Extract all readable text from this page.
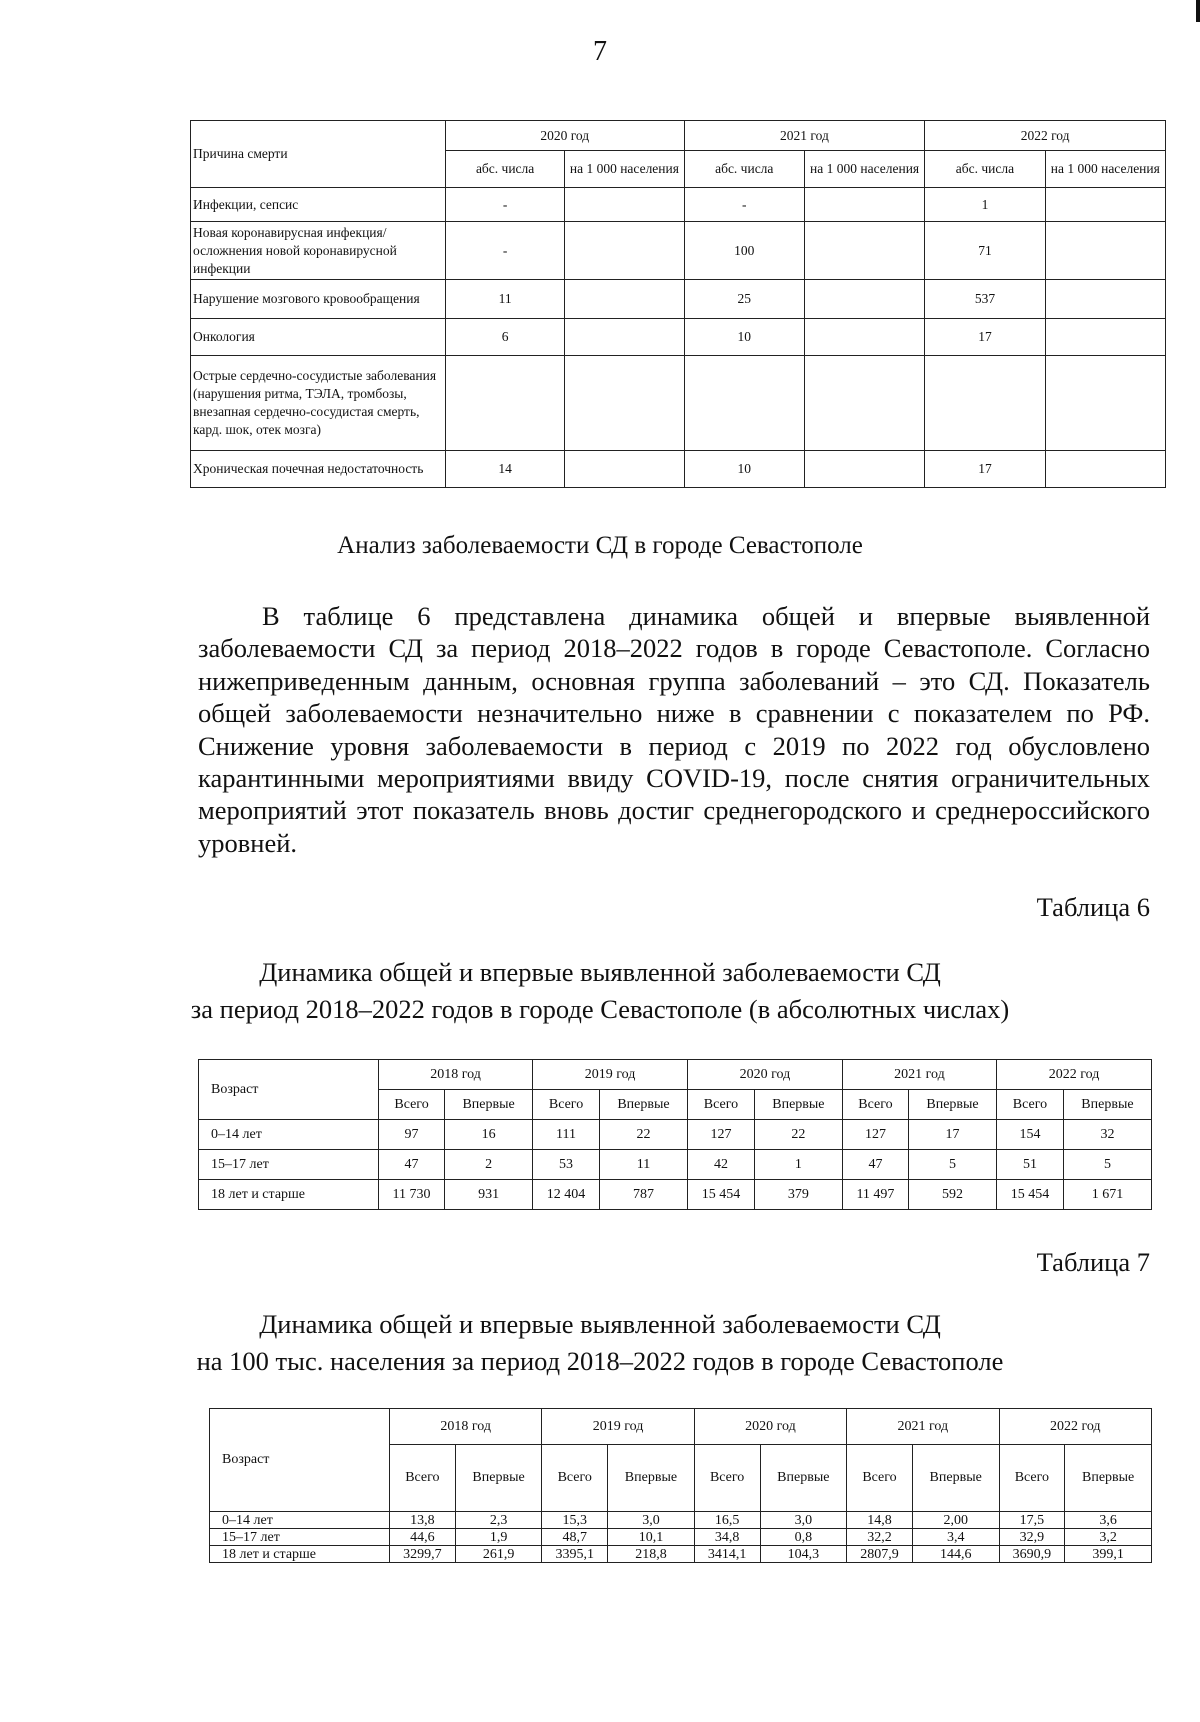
7
Причина смерти	2020 год		2021 год		2022 год	
	абс. числа	на 1 000 населения	абс. числа	на 1 000 населения	абс. числа	на 1 000 населения
Инфекции, сепсис	-		-		1	
Новая коронавирусная инфекция/осложнения новой коронавирусной инфекции	-		100		71	
Нарушение мозгового кровообращения	11		25		537	
Онкология	6		10		17	
Острые сердечно-сосудистые заболевания (нарушения ритма, ТЭЛА, тромбозы, внезапная сердечно-сосудистая смерть, кард. шок, отек мозга)						
Хроническая почечная недостаточность	14		10		17	
Анализ заболеваемости СД в городе Севастополе

В таблице 6 представлена динамика общей и впервые выявленной заболеваемости СД за период 2018–2022 годов в городе Севастополе. Согласно нижеприведенным данным, основная группа заболеваний – это СД. Показатель общей заболеваемости незначительно ниже в сравнении с показателем по РФ. Снижение уровня заболеваемости в период с 2019 по 2022 год обусловлено карантинными мероприятиями ввиду COVID-19, после снятия ограничительных мероприятий этот показатель вновь достиг среднегородского и среднероссийского уровней.

Таблица 6
Динамика общей и впервые выявленной заболеваемости СД
за период 2018–2022 годов в городе Севастополе (в абсолютных числах)
Возраст	2018 год		2019 год		2020 год		2021 год		2022 год	
	Всего	Впервые	Всего	Впервые	Всего	Впервые	Всего	Впервые	Всего	Впервые
0–14 лет	97	16	111	22	127	22	127	17	154	32
15–17 лет	47	2	53	11	42	1	47	5	51	5
18 лет и старше	11 730	931	12 404	787	15 454	379	11 497	592	15 454	1 671
Таблица 7
Динамика общей и впервые выявленной заболеваемости СД
на 100 тыс. населения за период 2018–2022 годов в городе Севастополе
Возраст	2018 год		2019 год		2020 год		2021 год		2022 год	
	Всего	Впервые	Всего	Впервые	Всего	Впервые	Всего	Впервые	Всего	Впервые
0–14 лет	13,8	2,3	15,3	3,0	16,5	3,0	14,8	2,00	17,5	3,6
15–17 лет	44,6	1,9	48,7	10,1	34,8	0,8	32,2	3,4	32,9	3,2
18 лет и старше	3299,7	261,9	3395,1	218,8	3414,1	104,3	2807,9	144,6	3690,9	399,1
